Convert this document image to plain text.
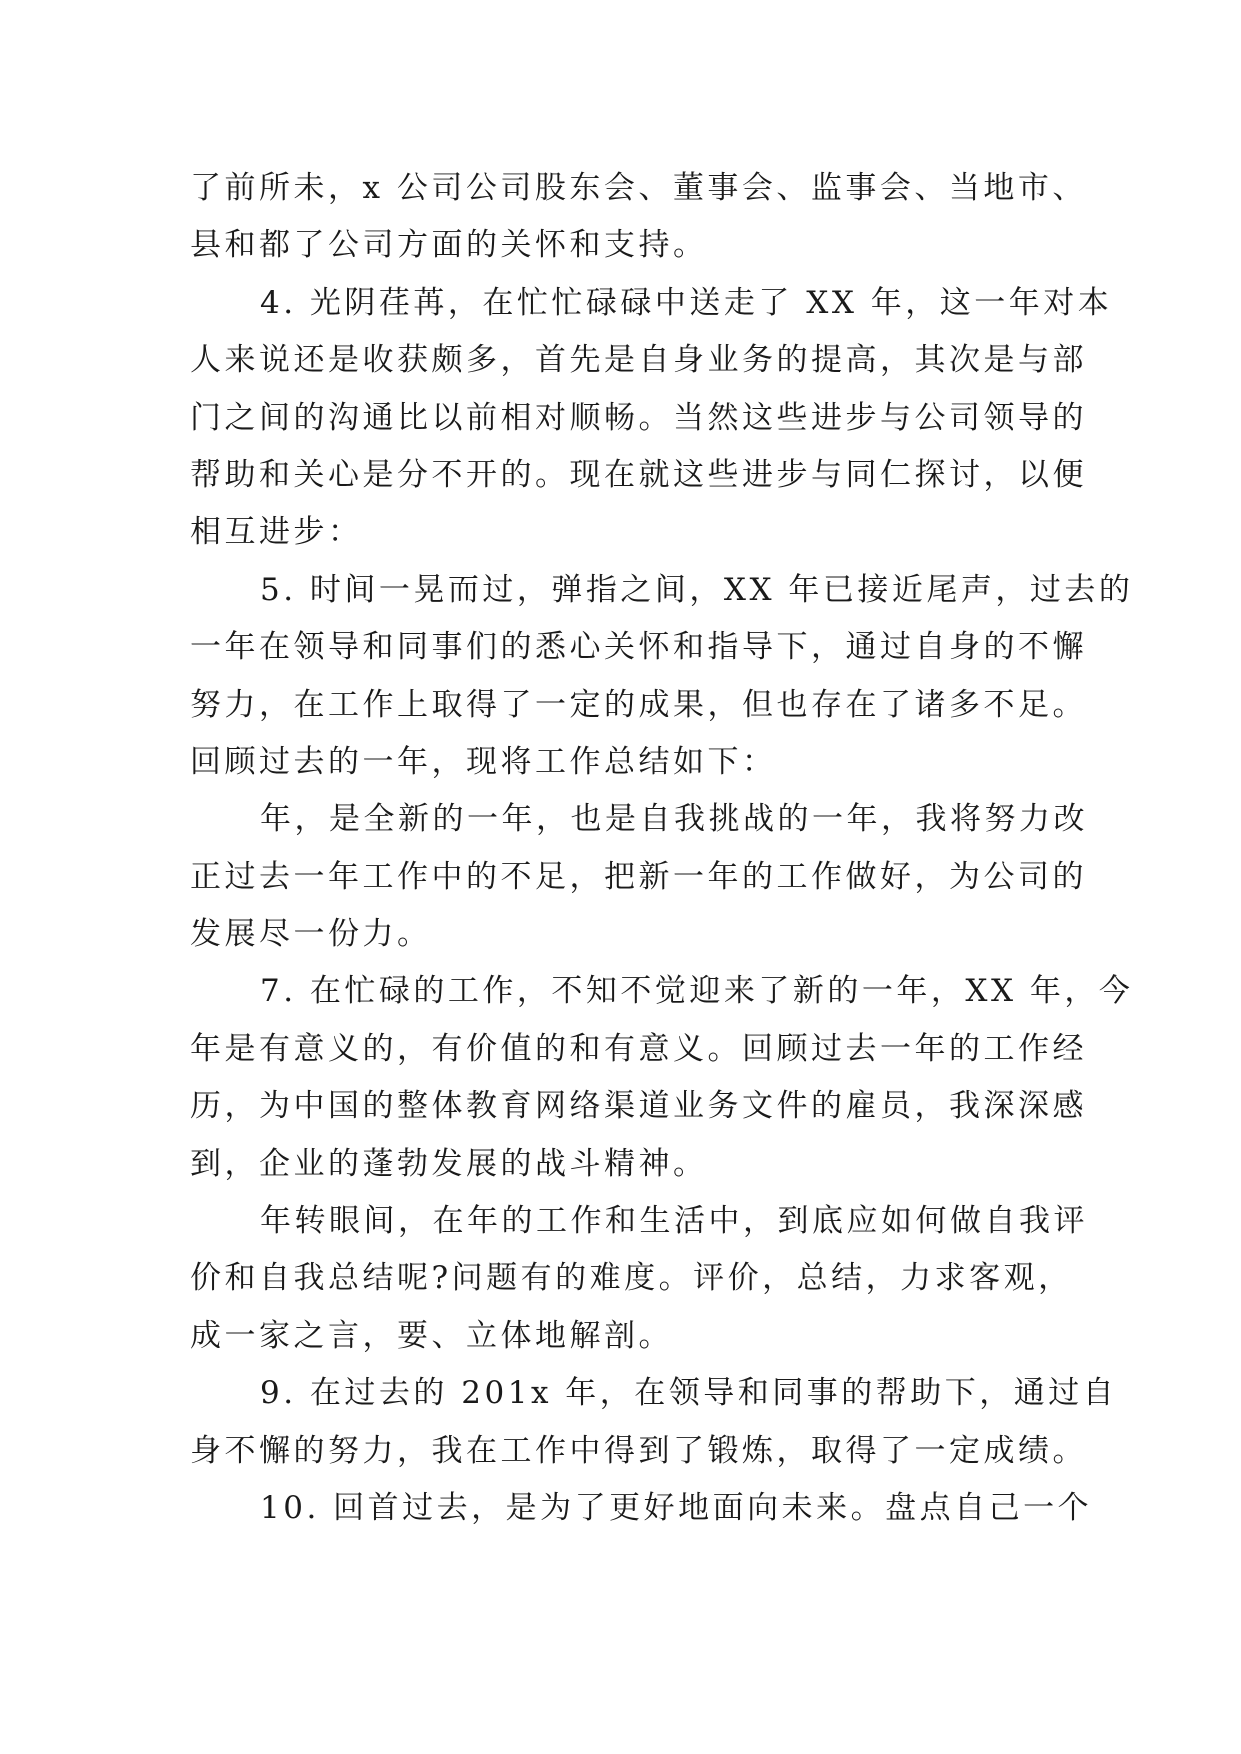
了前所未，x 公司公司股东会、董事会、监事会、当地市、
县和都了公司方面的关怀和支持。
4. 光阴荏苒，在忙忙碌碌中送走了 XX 年，这一年对本
人来说还是收获颇多，首先是自身业务的提高，其次是与部
门之间的沟通比以前相对顺畅。当然这些进步与公司领导的
帮助和关心是分不开的。现在就这些进步与同仁探讨，以便
相互进步：
5. 时间一晃而过，弹指之间，XX 年已接近尾声，过去的
一年在领导和同事们的悉心关怀和指导下，通过自身的不懈
努力，在工作上取得了一定的成果，但也存在了诸多不足。
回顾过去的一年，现将工作总结如下：
年，是全新的一年，也是自我挑战的一年，我将努力改
正过去一年工作中的不足，把新一年的工作做好，为公司的
发展尽一份力。
7. 在忙碌的工作，不知不觉迎来了新的一年，XX 年，今
年是有意义的，有价值的和有意义。回顾过去一年的工作经
历，为中国的整体教育网络渠道业务文件的雇员，我深深感
到，企业的蓬勃发展的战斗精神。
年转眼间，在年的工作和生活中，到底应如何做自我评
价和自我总结呢?问题有的难度。评价，总结，力求客观，
成一家之言，要、立体地解剖。
9. 在过去的 201x 年，在领导和同事的帮助下，通过自
身不懈的努力，我在工作中得到了锻炼，取得了一定成绩。
10. 回首过去，是为了更好地面向未来。盘点自己一个
